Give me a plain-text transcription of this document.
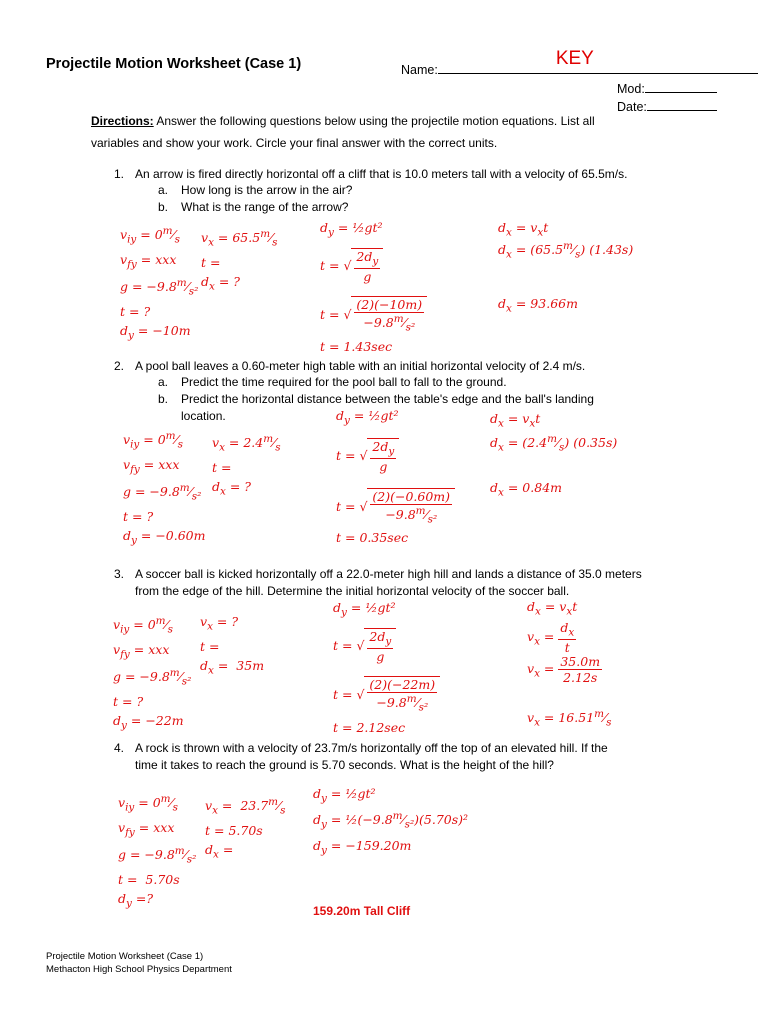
Projectile Motion Worksheet (Case 1)	Name:
KEY
Mod:
Date:
Directions: Answer the following questions below using the projectile motion equations. List all
variables and show your work. Circle your final answer with the correct units.
1. An arrow is fired directly horizontal off a cliff that is 10.0 meters tall with a velocity of 65.5m/s.
a. How long is the arrow in the air?
b. What is the range of the arrow?
$v_{iy}$ = $0^m⁄_s$
$v_{fy}$ = xxx
$g = -9.8^m⁄_{s^2}$
t = ?
$d_y = -10m$
$v_x$ = $65.5^m⁄_s$
t =
$d_x$ = ?
$d_y$ = ½gt²
t = √ $\frac{2d_y}{g}$
t = √ $\frac{(2)(-10m)}{-9.8^m⁄_{s^2}}$
t = 1.43sec
$d_x = v_xt$
$d_x$ = $(65.5^m⁄_s)$ (1.43s)
$d_x = 93.66m$
2. A pool ball leaves a 0.60-meter high table with an initial horizontal velocity of 2.4 m/s.
a. Predict the time required for the pool ball to fall to the ground.
b. Predict the horizontal distance between the table's edge and the ball's landing
location.
$v_{iy}$ = $0^m⁄_s$
$v_{fy}$ = xxx
$g = -9.8^m⁄_{s^2}$
t = ?
$d_y = -0.60m$
$v_x$ = $2.4^m⁄_s$
t =
$d_x$ = ?
$d_y$ = ½gt²
t = √ $\frac{2d_y}{g}$
t = √ $\frac{(2)(-0.60m)}{-9.8^m⁄_{s^2}}$
t = 0.35sec
$d_x = v_xt$
$d_x$ = $(2.4^m⁄_s)$ (0.35s)
$d_x = 0.84m$
3. A soccer ball is kicked horizontally off a 22.0-meter high hill and lands a distance of 35.0 meters
from the edge of the hill. Determine the initial horizontal velocity of the soccer ball.
$v_{iy}$ = $0^m⁄_s$
$v_{fy}$ = xxx
$g = -9.8^m⁄_{s^2}$
t = ?
$d_y = -22m$
$v_x$ = ?
t =
$d_x = 35m$
$d_y$ = ½gt²
t = √ $\frac{2d_y}{g}$
t = √ $\frac{(2)(-22m)}{-9.8^m⁄_{s^2}}$
t = 2.12sec
$d_x = v_xt$
$v_x = \frac{d_x}{t}$
$v_x = \frac{35.0m}{2.12s}$
$v_x$ = $16.51^m⁄_s$
4. A rock is thrown with a velocity of 23.7m/s horizontally off the top of an elevated hill. If the
time it takes to reach the ground is 5.70 seconds. What is the height of the hill?
$v_{iy}$ = $0^m⁄_s$
$v_{fy}$ = xxx
$g = -9.8^m⁄_{s^2}$
t =  5.70s
$d_y$ =?
$v_x$ =  $23.7^m⁄_s$
t = 5.70s
$d_x$ =
$d_y$ = ½gt²
$d_y$ = $\frac{1}{2}(-9.8^m⁄_{s^2})(5.70s)^2$
$d_y = -159.20m$
159.20m Tall Cliff
Projectile Motion Worksheet (Case 1)
Methacton High School Physics Department
